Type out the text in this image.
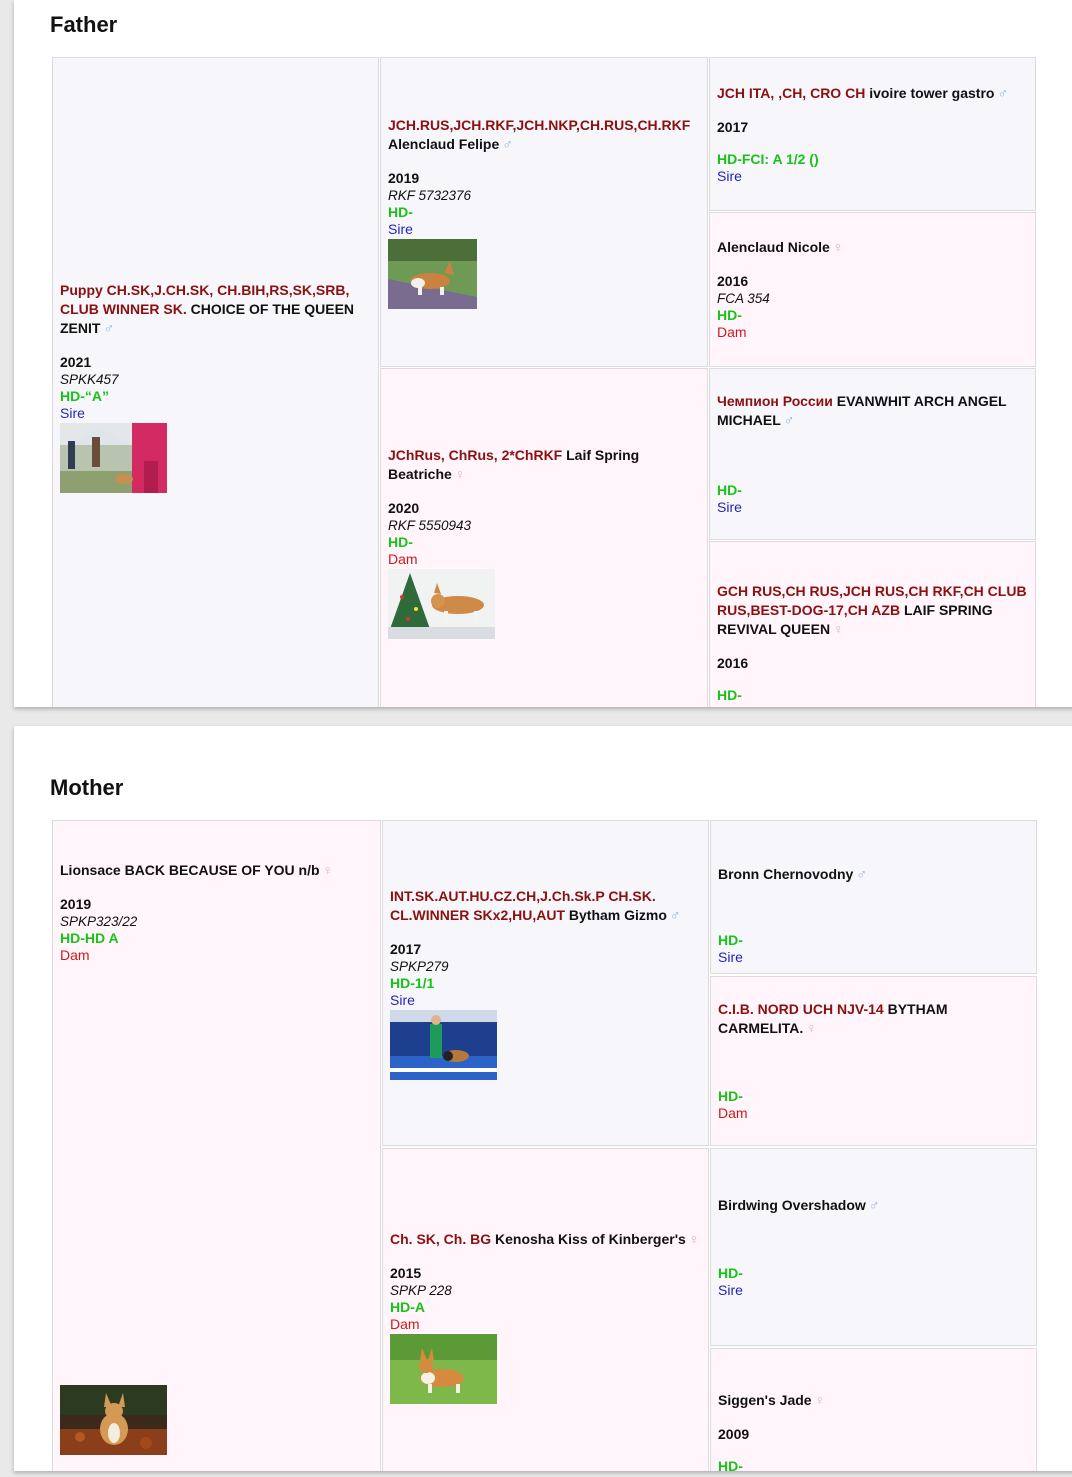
Father
Puppy CH.SK,J.CH.SK, CH.BIH,RS,SK,SRB, CLUB WINNER SK. CHOICE OF THE QUEEN ZENIT ♂
2021
SPKK457
HD-“A”
Sire
JCH.RUS,JCH.RKF,JCH.NKP,CH.RUS,CH.RKF
Alenclaud Felipe ♂
2019
RKF 5732376
HD-
Sire
JChRus, ChRus, 2*ChRKF Laif Spring Beatriche ♀
2020
RKF 5550943
HD-
Dam
JCH ITA, ,CH, CRO CH ivoire tower gastro ♂
2017
HD-FCI: A 1/2 ()
Sire
Alenclaud Nicole ♀
2016
FCA 354
HD-
Dam
Чемпион России EVANWHIT ARCH ANGEL MICHAEL ♂
HD-
Sire
GCH RUS,CH RUS,JCH RUS,CH RKF,CH CLUB RUS,BEST-DOG-17,CH AZB LAIF SPRING REVIVAL QUEEN ♀
2016
HD-
Mother
Lionsace BACK BECAUSE OF YOU n/b ♀
2019
SPKP323/22
HD-HD A
Dam
INT.SK.AUT.HU.CZ.CH,J.Ch.Sk.P CH.SK. CL.WINNER SKx2,HU,AUT Bytham Gizmo ♂
2017
SPKP279
HD-1/1
Sire
Ch. SK, Ch. BG Kenosha Kiss of Kinberger's ♀
2015
SPKP 228
HD-A
Dam
Bronn Chernovodny ♂
HD-
Sire
C.I.B. NORD UCH NJV-14 BYTHAM CARMELITA. ♀
HD-
Dam
Birdwing Overshadow ♂
HD-
Sire
Siggen's Jade ♀
2009
HD-
